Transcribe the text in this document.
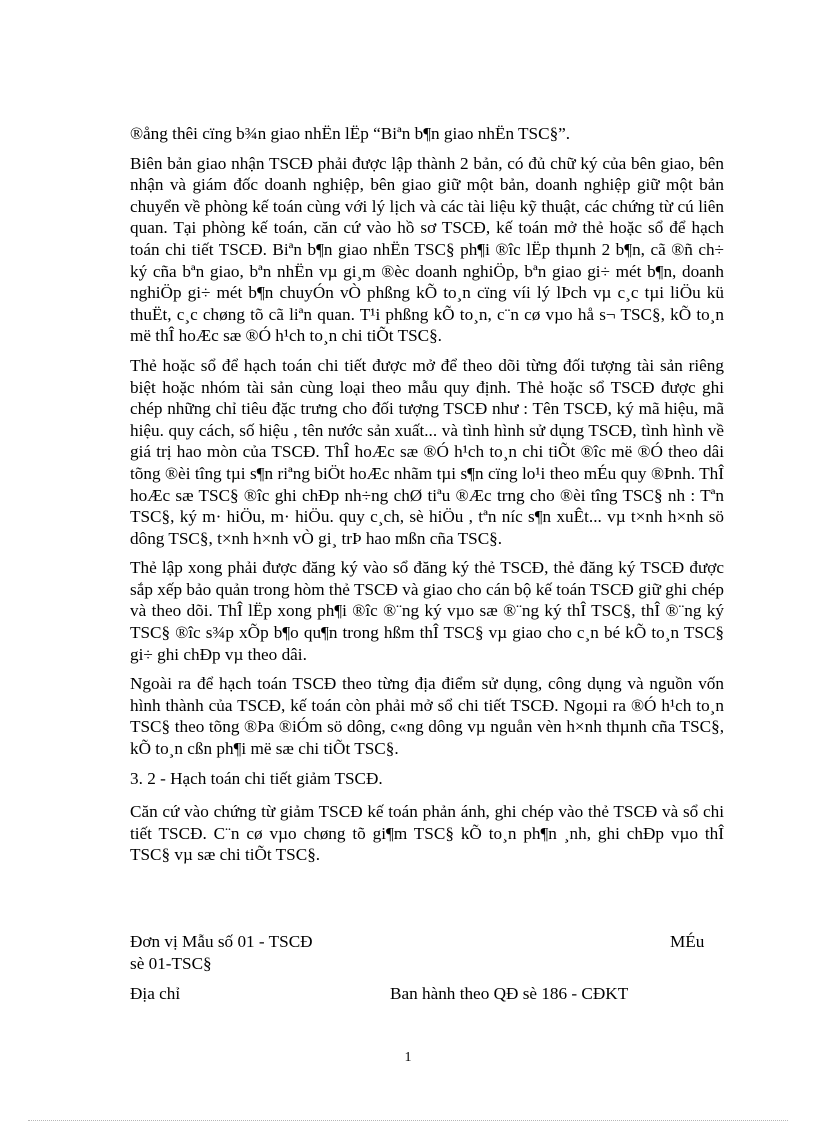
®ång thêi cïng b¾n giao nhËn lËp “Biªn b¶n giao nhËn TSC§”.

Biên bản giao nhận TSCĐ phải được lập thành 2 bản, có đủ chữ ký của bên giao, bên nhận và giám đốc doanh nghiệp, bên giao giữ một bản, doanh nghiệp giữ một bản chuyển về phòng kế toán cùng với lý lịch và các tài liệu kỹ thuật, các chứng từ cú liên quan. Tại phòng kế toán, căn cứ vào hồ sơ TSCĐ, kế toán mở thẻ hoặc sổ để hạch toán chi tiết TSCĐ. Biªn b¶n giao nhËn TSC§ ph¶i ®îc lËp thµnh 2 b¶n, cã ®ñ ch÷ ký cña bªn giao, bªn nhËn vµ gi¸m ®èc doanh nghiÖp, bªn giao gi÷ mét b¶n, doanh nghiÖp gi÷ mét b¶n chuyÓn vÒ phßng kÕ to¸n cïng víi lý lÞch vµ c¸c tµi liÖu kü thuËt, c¸c chøng tõ cã liªn quan. T¹i phßng kÕ to¸n, c¨n cø vµo hå s¬ TSC§, kÕ to¸n më thÎ hoÆc sæ ®Ó h¹ch to¸n chi tiÕt TSC§.

Thẻ hoặc sổ để hạch toán chi tiết được mở để theo dõi từng đối tượng tài sản riêng biệt hoặc nhóm tài sản cùng loại theo mẫu quy định. Thẻ hoặc sổ TSCĐ được ghi chép những chỉ tiêu đặc trưng cho đối tượng TSCĐ như : Tên TSCĐ, ký mã hiệu, mã hiệu. quy cách, số hiệu , tên nước sản xuất... và tình hình sử dụng TSCĐ, tình hình về giá trị hao mòn của TSCĐ. ThÎ hoÆc sæ ®Ó h¹ch to¸n chi tiÕt ®îc më ®Ó theo dâi tõng ®èi tîng tµi s¶n riªng biÖt hoÆc nhãm tµi s¶n cïng lo¹i theo mÉu quy ®Þnh. ThÎ hoÆc sæ TSC§ ®îc ghi chÐp nh÷ng chØ tiªu ®Æc trng cho ®èi tîng TSC§ nh : Tªn TSC§, ký m· hiÖu, m· hiÖu. quy c¸ch, sè hiÖu , tªn níc s¶n xuÊt... vµ t×nh h×nh sö dông TSC§, t×nh h×nh vÒ gi¸ trÞ hao mßn cña TSC§.

Thẻ lập xong phải được đăng ký vào sổ đăng ký thẻ TSCĐ, thẻ đăng ký TSCĐ được sắp xếp bảo quản trong hòm thẻ TSCĐ và giao cho cán bộ kế toán TSCĐ giữ ghi chép và theo dõi. ThÎ lËp xong ph¶i ®îc ®¨ng ký vµo sæ ®¨ng ký thÎ TSC§, thÎ ®¨ng ký TSC§ ®îc s¾p xÕp b¶o qu¶n trong hßm thÎ TSC§ vµ giao cho c¸n bé kÕ to¸n TSC§ gi÷ ghi chÐp vµ theo dâi.

Ngoài ra để hạch toán TSCĐ theo từng địa điểm sử dụng, công dụng và nguồn vốn hình thành của TSCĐ, kế toán còn phải mở sổ chi tiết TSCĐ. Ngoµi ra ®Ó h¹ch to¸n TSC§ theo tõng ®Þa ®iÓm sö dông, c«ng dông vµ nguån vèn h×nh thµnh cña TSC§, kÕ to¸n cßn ph¶i më sæ chi tiÕt TSC§.

3. 2 - Hạch toán chi tiết giảm TSCĐ.

Căn cứ vào chứng từ giảm TSCĐ kế toán phản ánh, ghi chép vào thẻ TSCĐ và sổ chi tiết TSCĐ. C¨n cø vµo chøng tõ gi¶m TSC§ kÕ to¸n ph¶n ¸nh, ghi chÐp vµo thÎ TSC§ vµ sæ chi tiÕt TSC§.

Đơn vị Mẫu số 01 - TSCĐ	MÉu
sè 01-TSC§
Địa chỉ	Ban hành theo QĐ sè 186 - CĐKT
1
